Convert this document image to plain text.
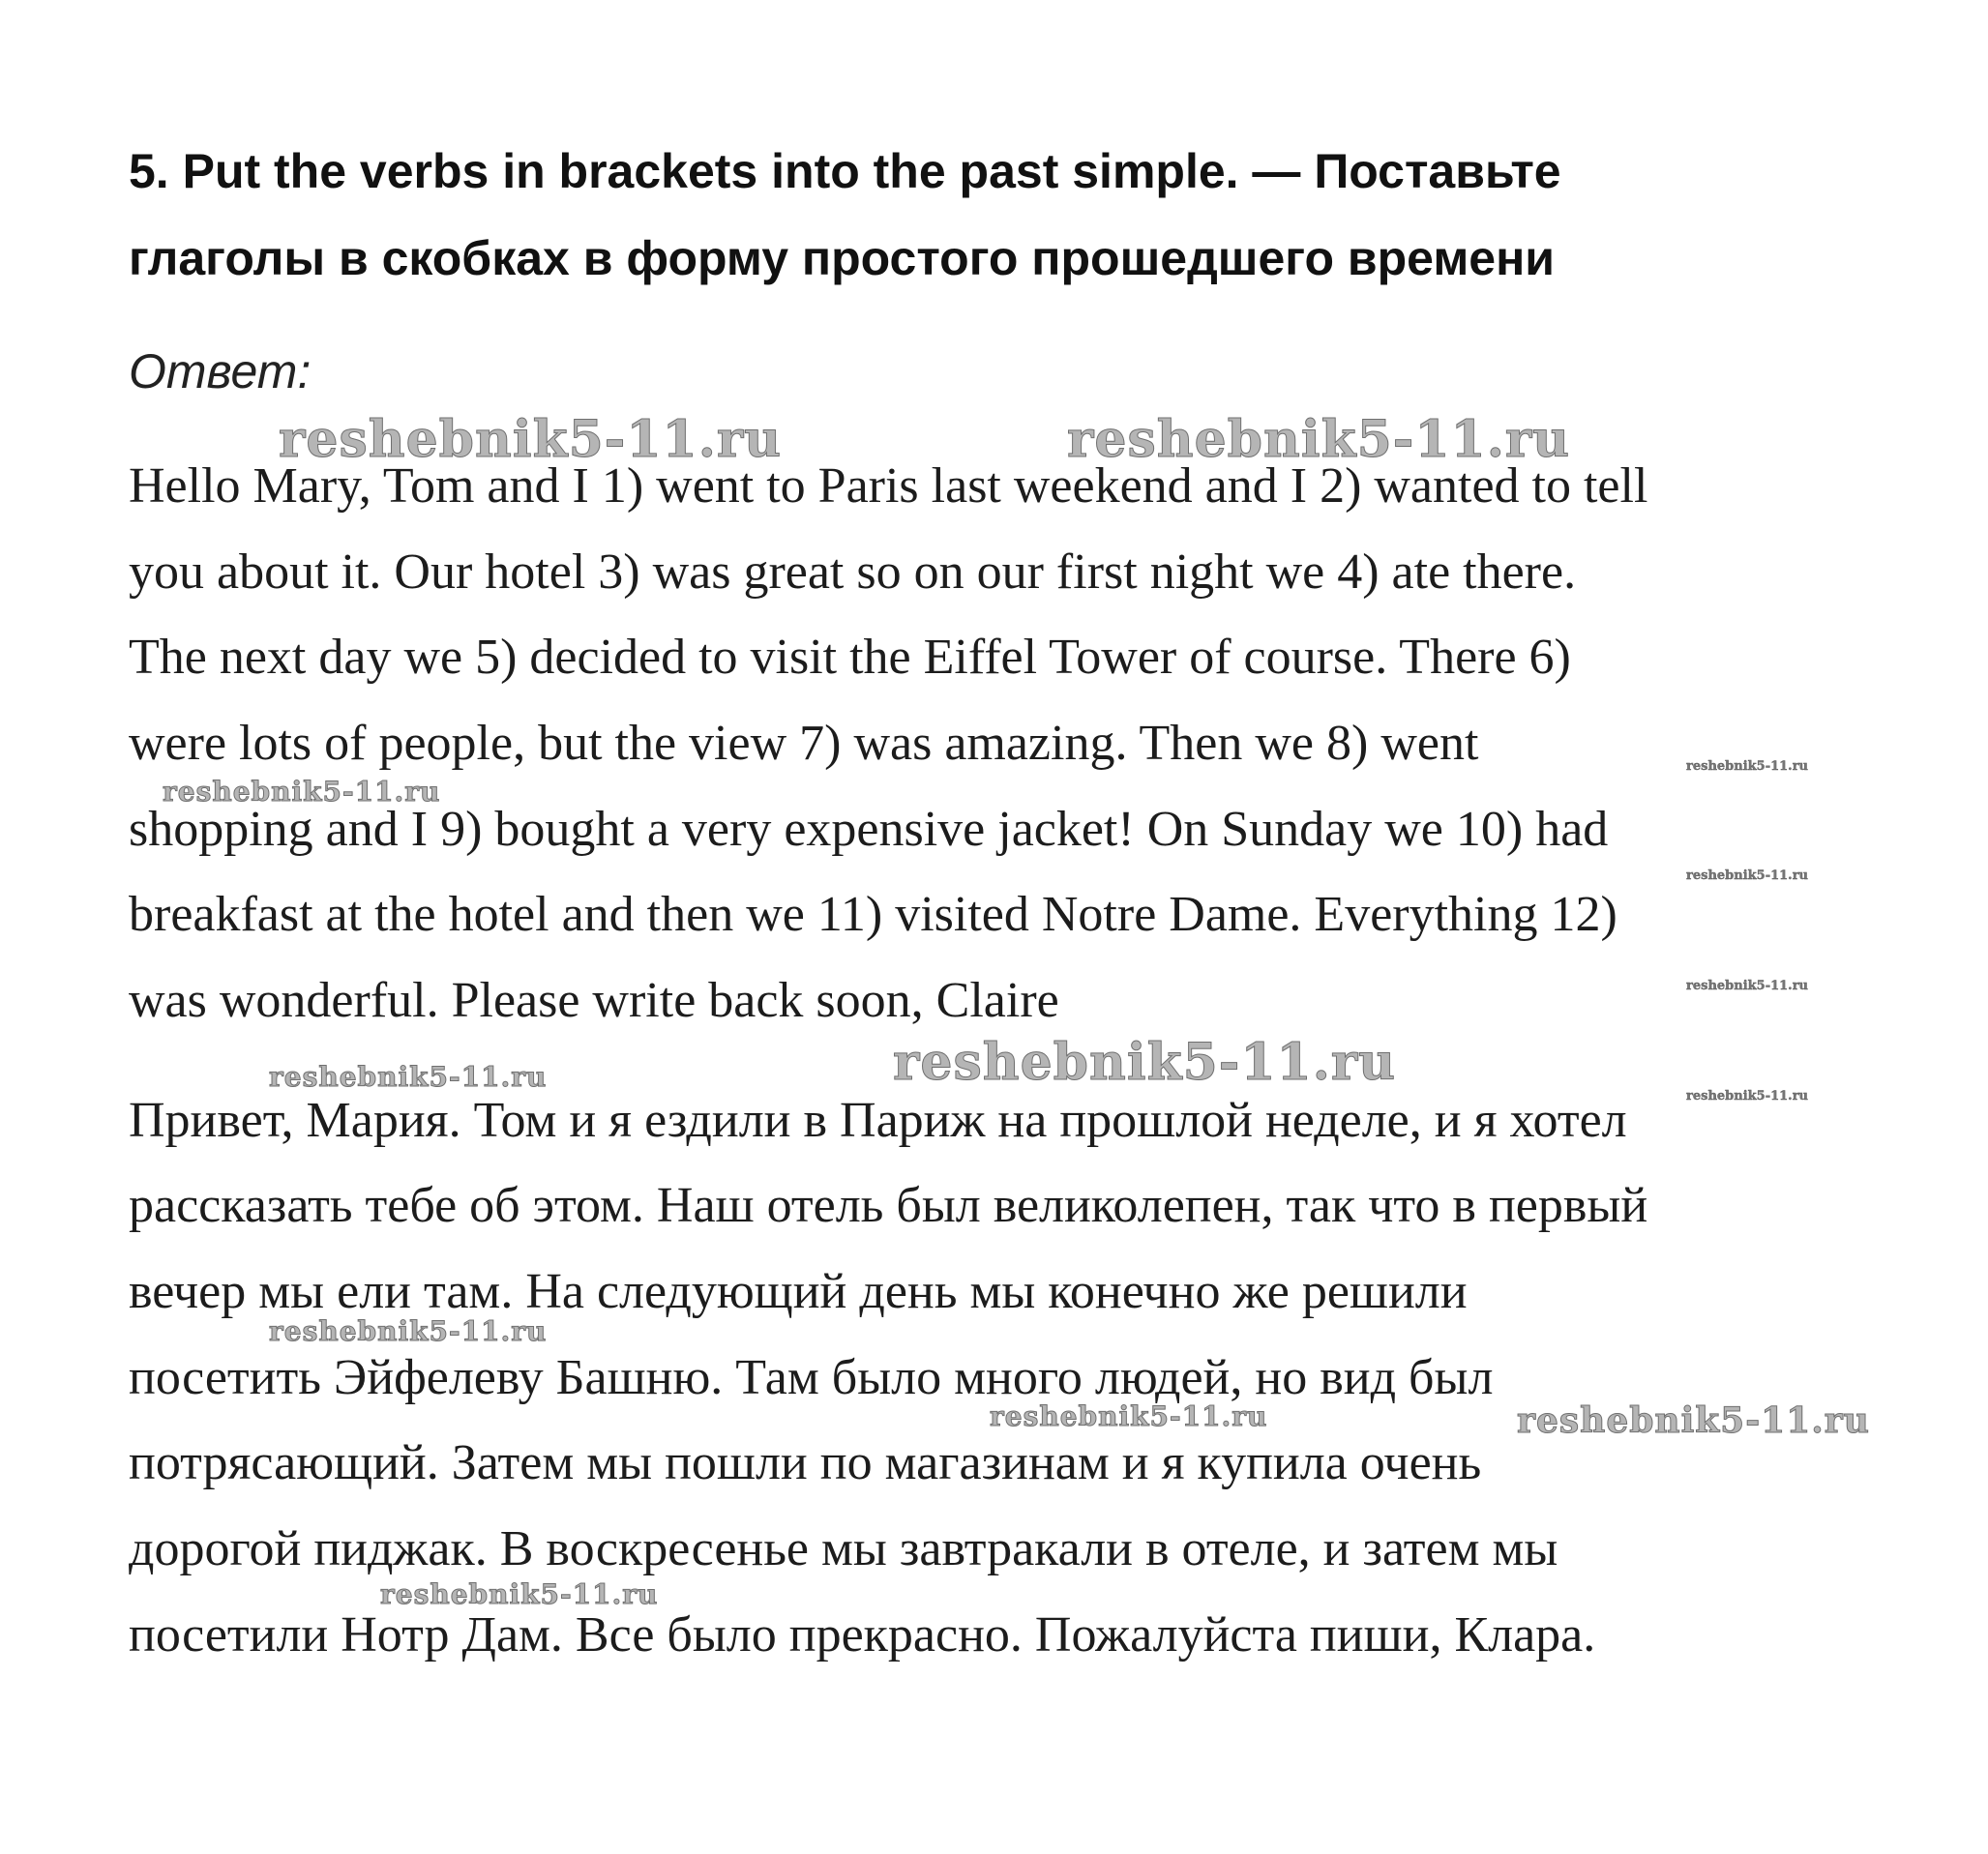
5. Put the verbs in brackets into the past simple. — Поставьте
глаголы в скобках в форму простого прошедшего времени
Ответ:
Hello Mary, Tom and I 1) went to Paris last weekend and I 2) wanted to tell
you about it. Our hotel 3) was great so on our first night we 4) ate there.
The next day we 5) decided to visit the Eiffel Tower of course. There 6)
were lots of people, but the view 7) was amazing. Then we 8) went
shopping and I 9) bought a very expensive jacket! On Sunday we 10) had
breakfast at the hotel and then we 11) visited Notre Dame. Everything 12)
was wonderful. Please write back soon, Claire
Привет, Мария. Том и я ездили в Париж на прошлой неделе, и я хотел
рассказать тебе об этом. Наш отель был великолепен, так что в первый
вечер мы ели там. На следующий день мы конечно же решили
посетить Эйфелеву Башню. Там было много людей, но вид был
потрясающий. Затем мы пошли по магазинам и я купила очень
дорогой пиджак. В воскресенье мы завтракали в отеле, и затем мы
посетили Нотр Дам. Все было прекрасно. Пожалуйста пиши, Клара.
reshebnik5-11.ru	reshebnik5-11.ru
reshebnik5-11.ru
reshebnik5-11.ru
reshebnik5-11.ru
reshebnik5-11.ru
reshebnik5-11.ru
reshebnik5-11.ru	reshebnik5-11.ru
reshebnik5-11.ru
reshebnik5-11.ru	reshebnik5-11.ru
reshebnik5-11.ru
